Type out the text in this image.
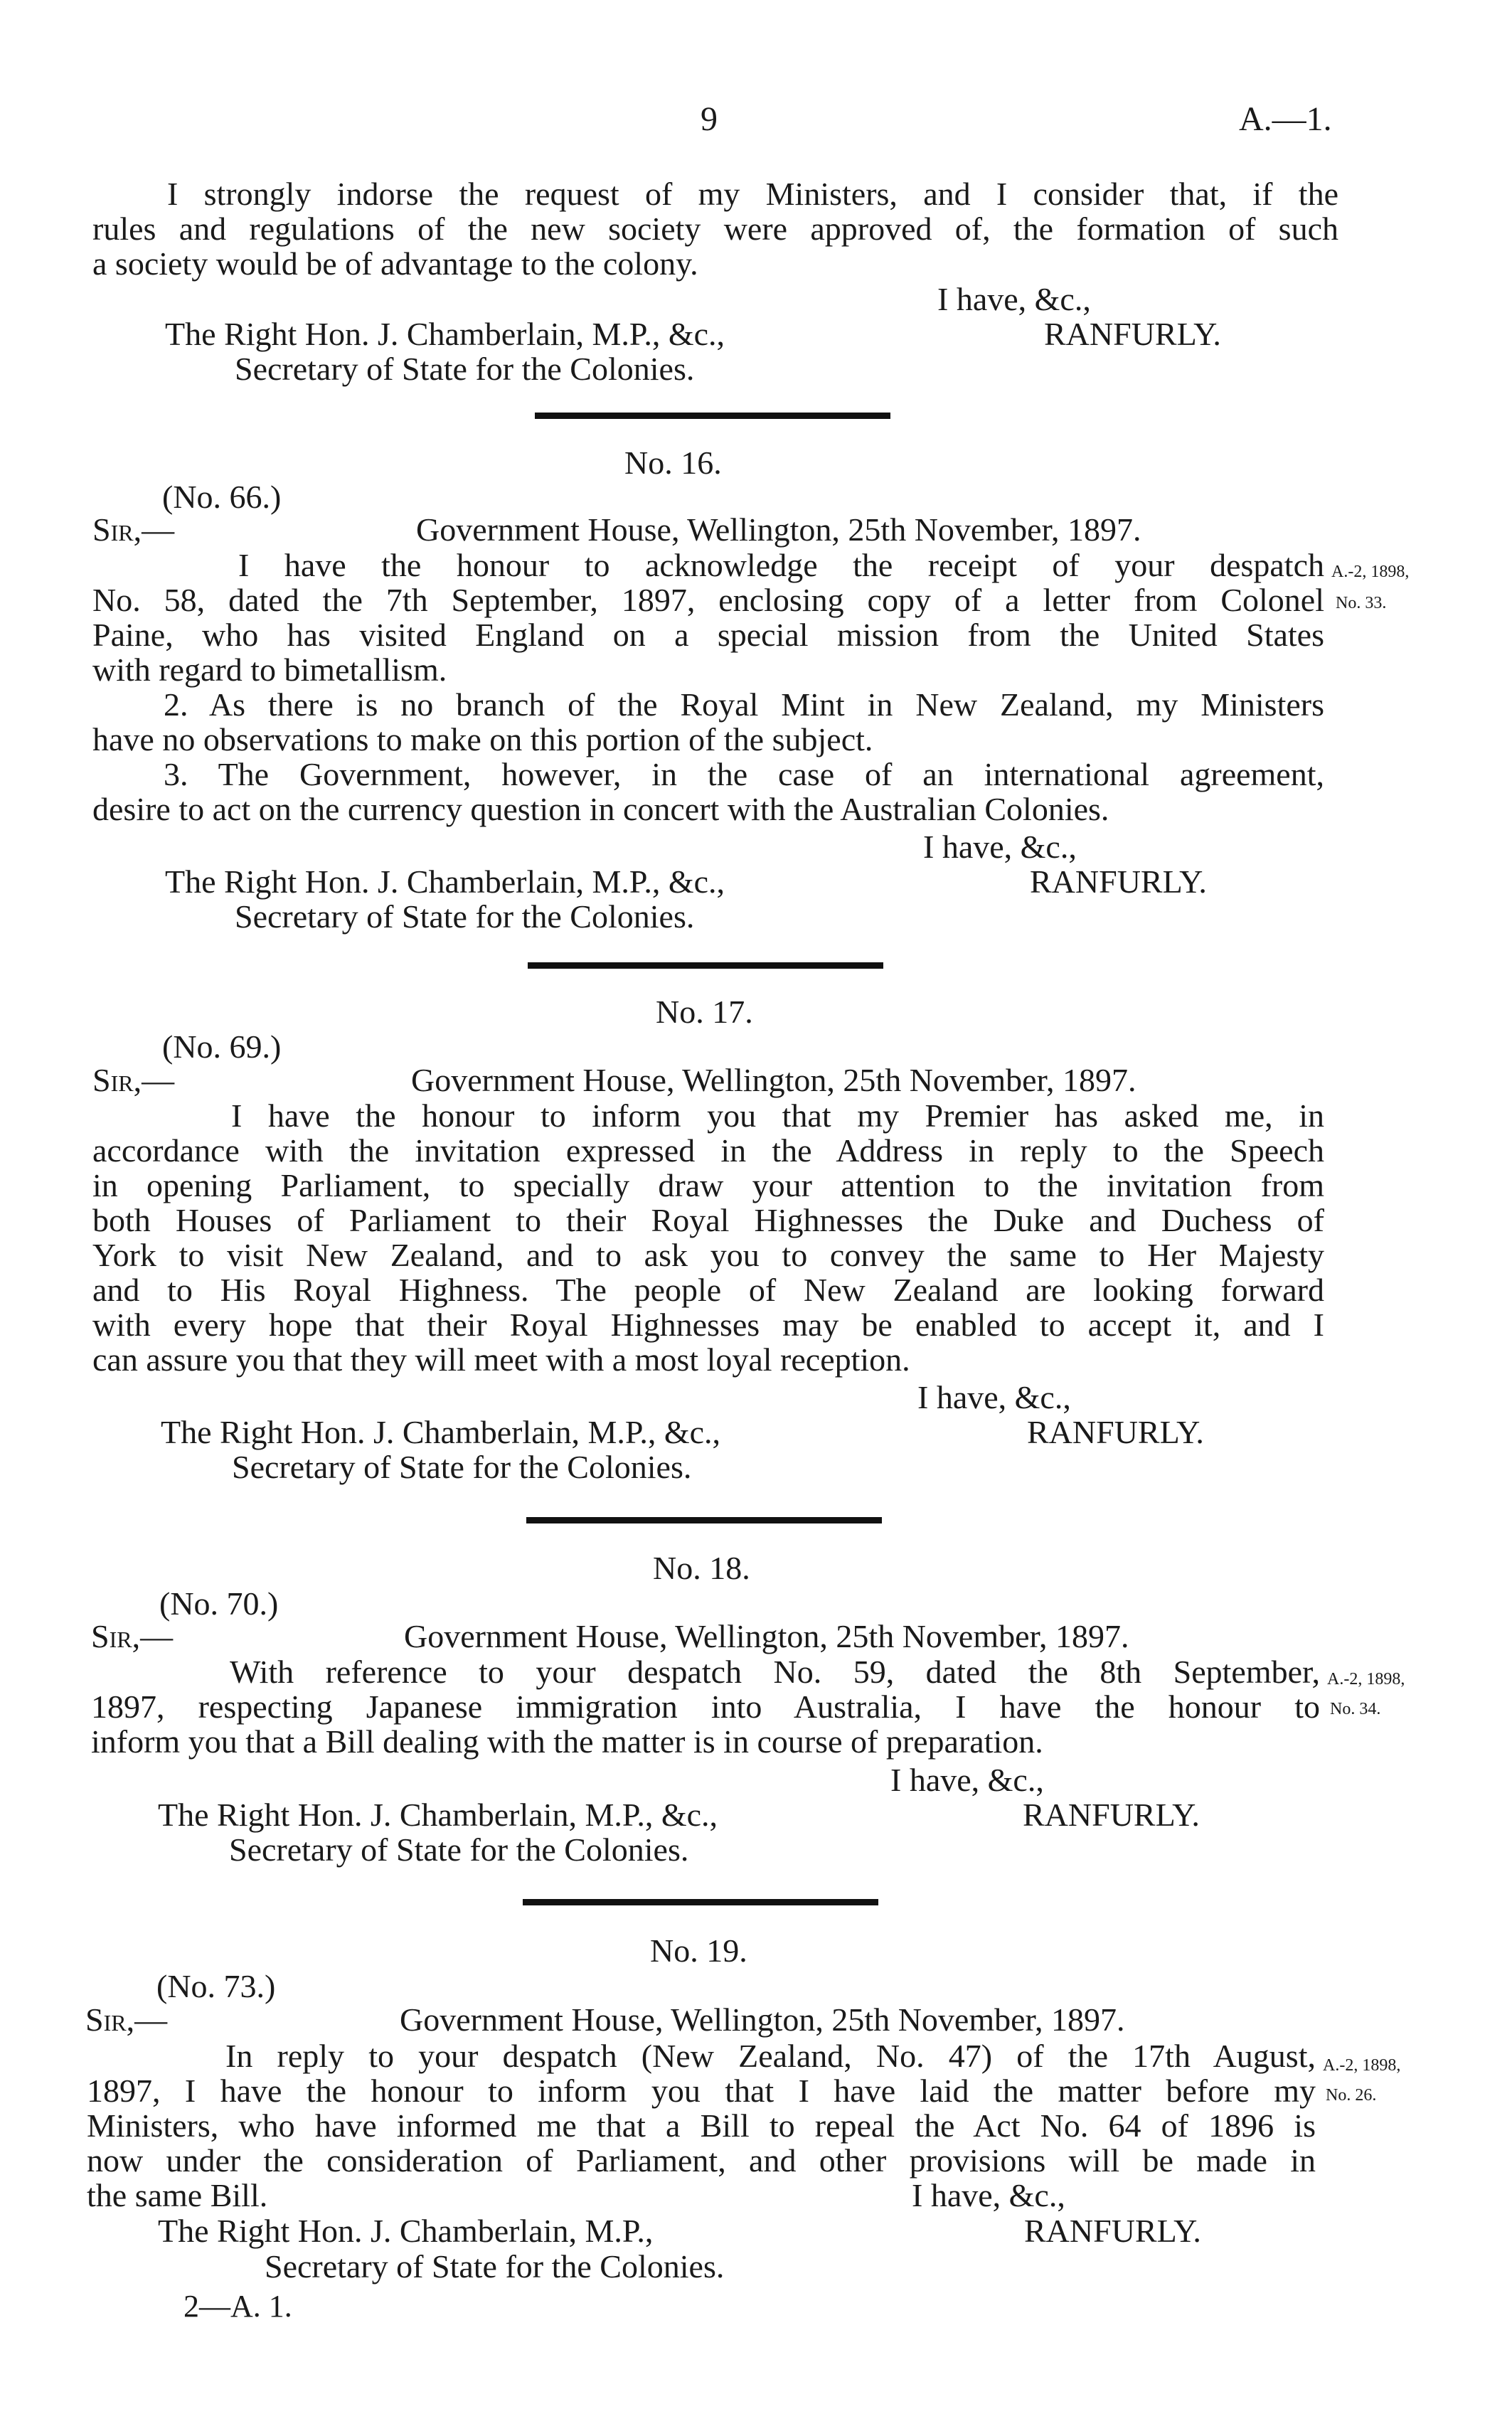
9	A.—1.
I strongly indorse the request of my Ministers, and I consider that, if the
rules and regulations of the new society were approved of, the formation of such
a society would be of advantage to the colony.
I have, &c.,
The Right Hon. J. Chamberlain, M.P., &c.,	RANFURLY.
Secretary of State for the Colonies.
No. 16.
(No. 66.)
Sir,—	Government House, Wellington, 25th November, 1897.
I have the honour to acknowledge the receipt of your despatch
No. 58, dated the 7th September, 1897, enclosing copy of a letter from Colonel
Paine, who has visited England on a special mission from the United States
with regard to bimetallism.
2. As there is no branch of the Royal Mint in New Zealand, my Ministers
have no observations to make on this portion of the subject.
3. The Government, however, in the case of an international agreement,
desire to act on the currency question in concert with the Australian Colonies.
A.-2, 1898,
No. 33.
I have, &c.,
The Right Hon. J. Chamberlain, M.P., &c.,	RANFURLY.
Secretary of State for the Colonies.
No. 17.
(No. 69.)
Sir,—	Government House, Wellington, 25th November, 1897.
I have the honour to inform you that my Premier has asked me, in
accordance with the invitation expressed in the Address in reply to the Speech
in opening Parliament, to specially draw your attention to the invitation from
both Houses of Parliament to their Royal Highnesses the Duke and Duchess of
York to visit New Zealand, and to ask you to convey the same to Her Majesty
and to His Royal Highness. The people of New Zealand are looking forward
with every hope that their Royal Highnesses may be enabled to accept it, and I
can assure you that they will meet with a most loyal reception.
I have, &c.,
The Right Hon. J. Chamberlain, M.P., &c.,	RANFURLY.
Secretary of State for the Colonies.
No. 18.
(No. 70.)
Sir,—	Government House, Wellington, 25th November, 1897.
With reference to your despatch No. 59, dated the 8th September,
1897, respecting Japanese immigration into Australia, I have the honour to
inform you that a Bill dealing with the matter is in course of preparation.
A.-2, 1898,
No. 34.
I have, &c.,
The Right Hon. J. Chamberlain, M.P., &c.,	RANFURLY.
Secretary of State for the Colonies.
No. 19.
(No. 73.)
Sir,—	Government House, Wellington, 25th November, 1897.
In reply to your despatch (New Zealand, No. 47) of the 17th August,
1897, I have the honour to inform you that I have laid the matter before my
Ministers, who have informed me that a Bill to repeal the Act No. 64 of 1896 is
now under the consideration of Parliament, and other provisions will be made in
the same Bill.
A.-2, 1898,
No. 26.
I have, &c.,
The Right Hon. J. Chamberlain, M.P.,	RANFURLY.
Secretary of State for the Colonies.
2—A. 1.
